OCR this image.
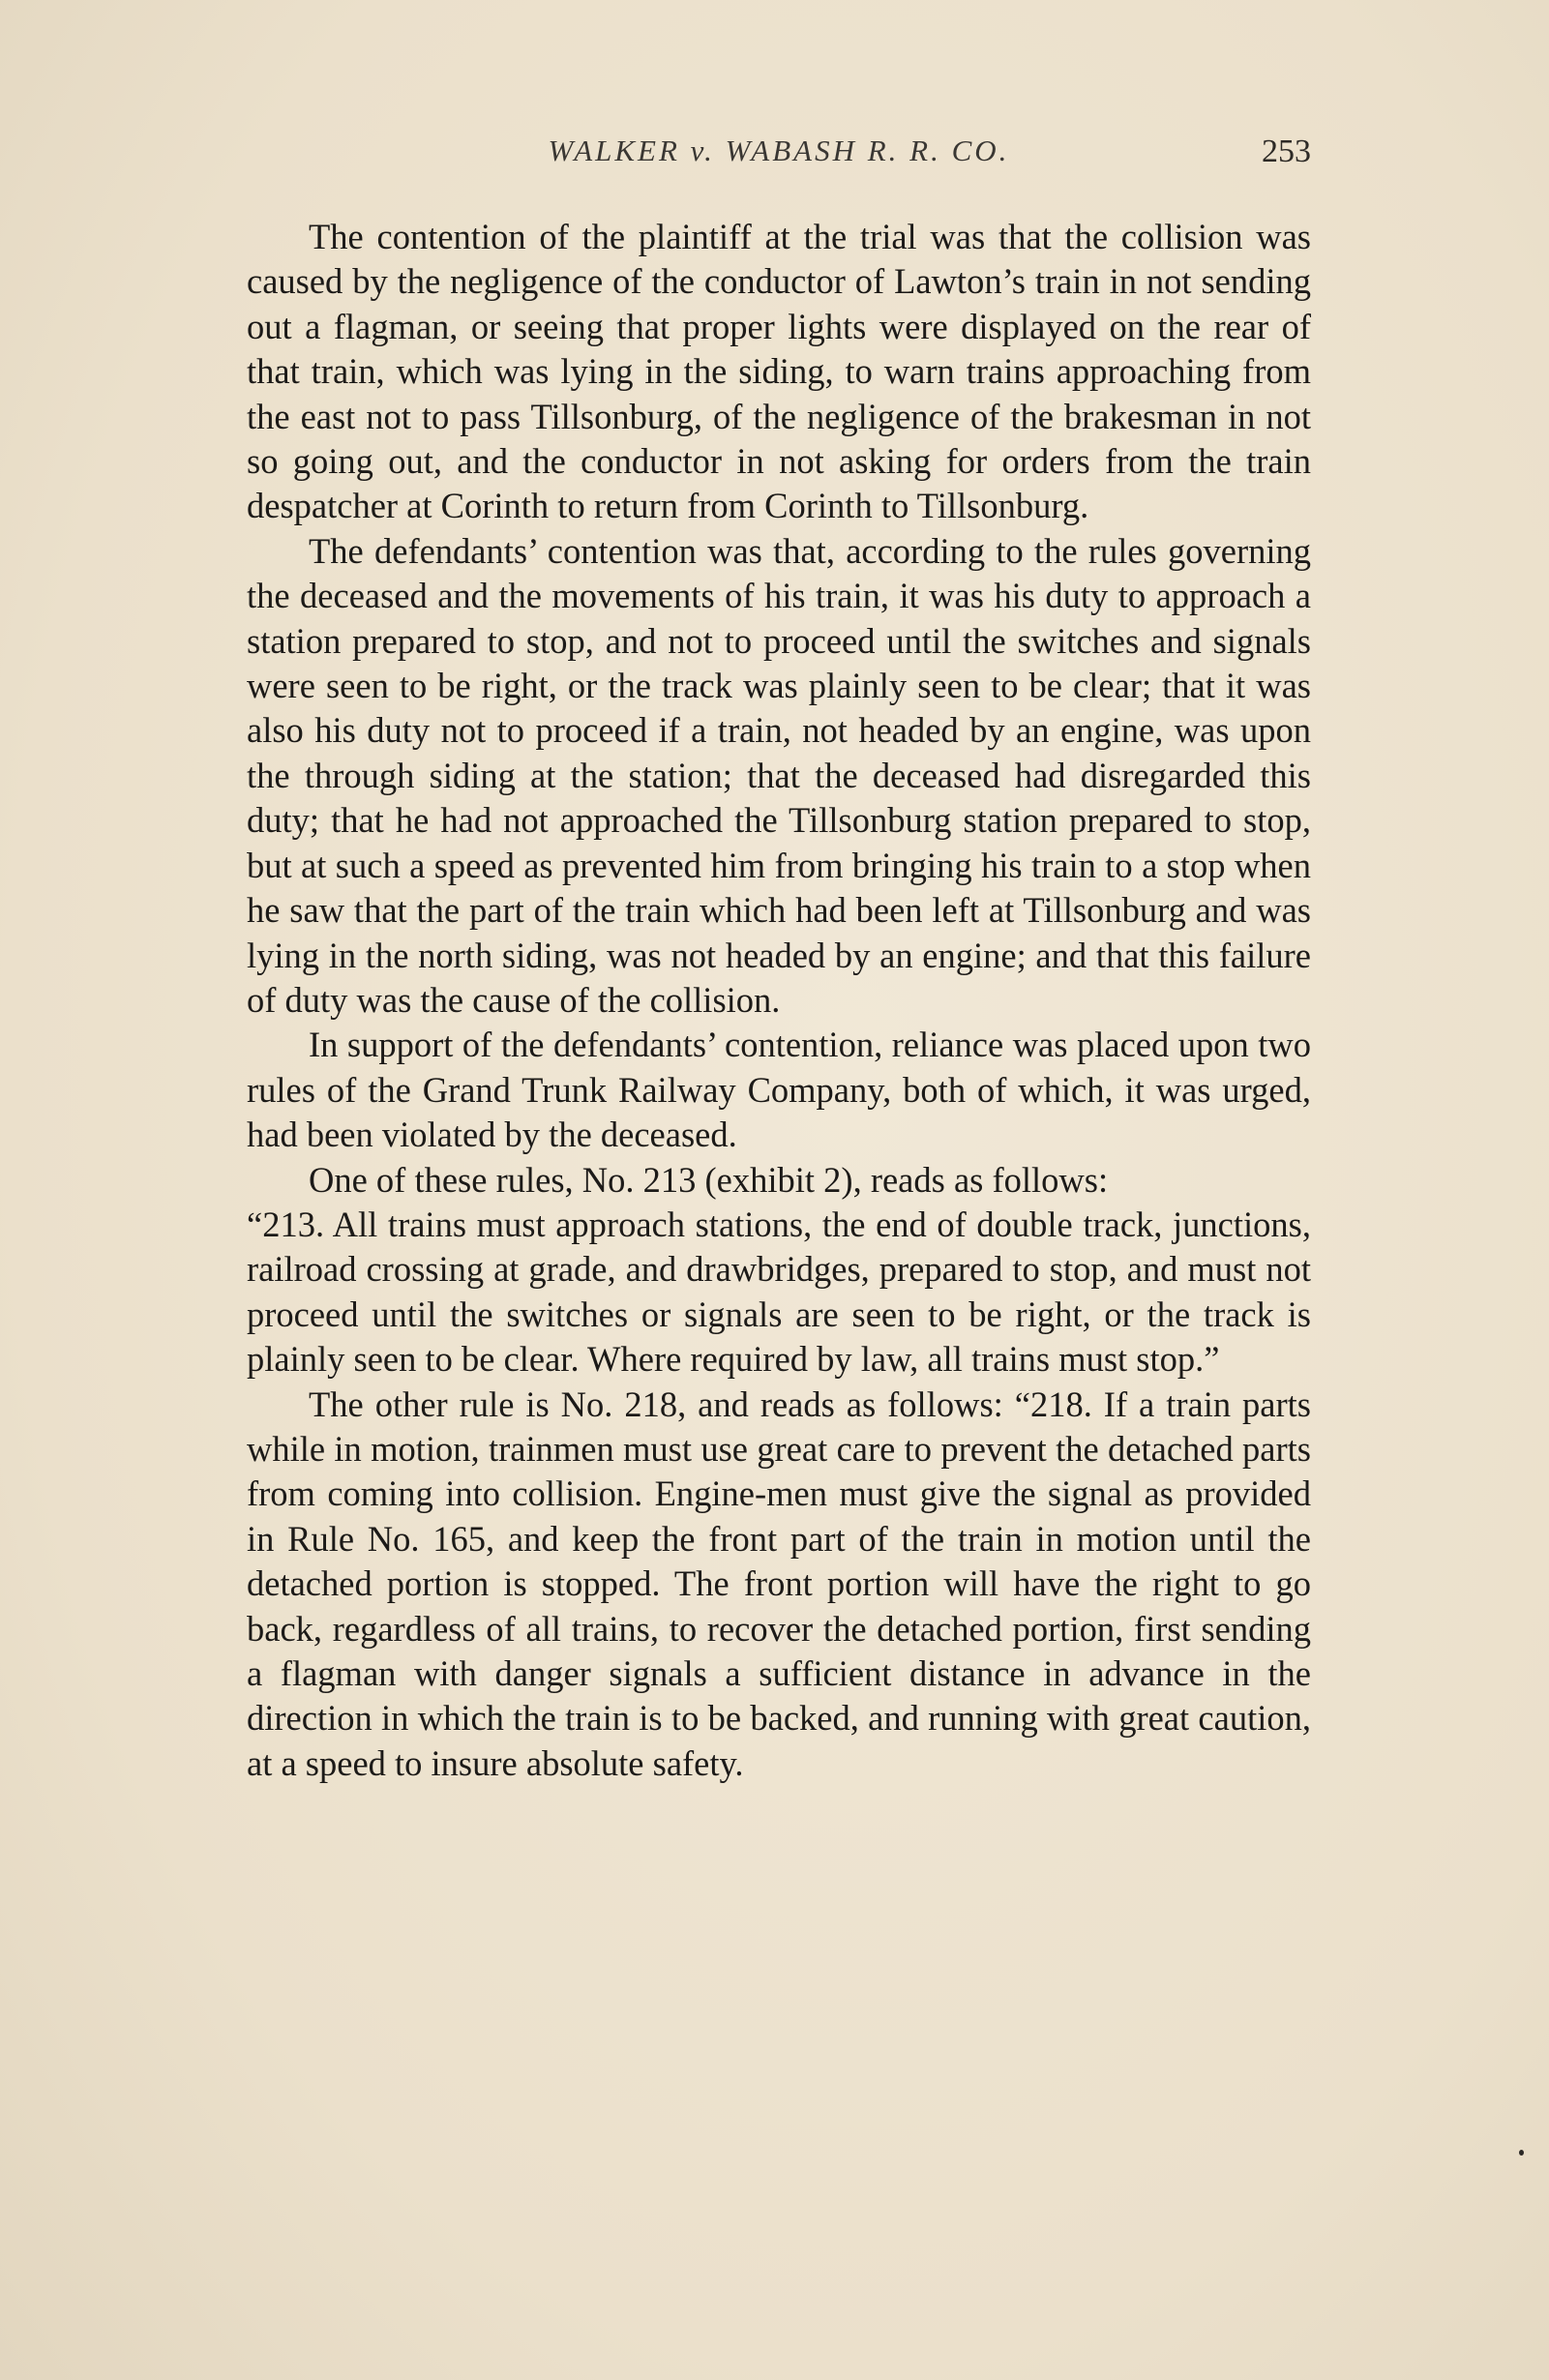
WALKER v. WABASH R. R. CO.	253

The contention of the plaintiff at the trial was that the collision was caused by the negligence of the conductor of Lawton’s train in not sending out a flagman, or seeing that proper lights were displayed on the rear of that train, which was lying in the siding, to warn trains approaching from the east not to pass Tillsonburg, of the negligence of the brakesman in not so going out, and the conductor in not asking for orders from the train despatcher at Corinth to return from Corinth to Tillsonburg.

The defendants’ contention was that, according to the rules governing the deceased and the movements of his train, it was his duty to approach a station prepared to stop, and not to proceed until the switches and signals were seen to be right, or the track was plainly seen to be clear; that it was also his duty not to proceed if a train, not headed by an engine, was upon the through siding at the station; that the deceased had disregarded this duty; that he had not approached the Tillsonburg station prepared to stop, but at such a speed as prevented him from bringing his train to a stop when he saw that the part of the train which had been left at Tillsonburg and was lying in the north siding, was not headed by an engine; and that this failure of duty was the cause of the collision.

In support of the defendants’ contention, reliance was placed upon two rules of the Grand Trunk Railway Company, both of which, it was urged, had been violated by the deceased.

One of these rules, No. 213 (exhibit 2), reads as follows:

“213. All trains must approach stations, the end of double track, junctions, railroad crossing at grade, and drawbridges, prepared to stop, and must not proceed until the switches or signals are seen to be right, or the track is plainly seen to be clear. Where required by law, all trains must stop.”

The other rule is No. 218, and reads as follows: “218. If a train parts while in motion, trainmen must use great care to prevent the detached parts from coming into collision. Engine-men must give the signal as provided in Rule No. 165, and keep the front part of the train in motion until the detached portion is stopped. The front portion will have the right to go back, regardless of all trains, to recover the detached portion, first sending a flagman with danger signals a sufficient distance in advance in the direction in which the train is to be backed, and running with great caution, at a speed to insure absolute safety.
